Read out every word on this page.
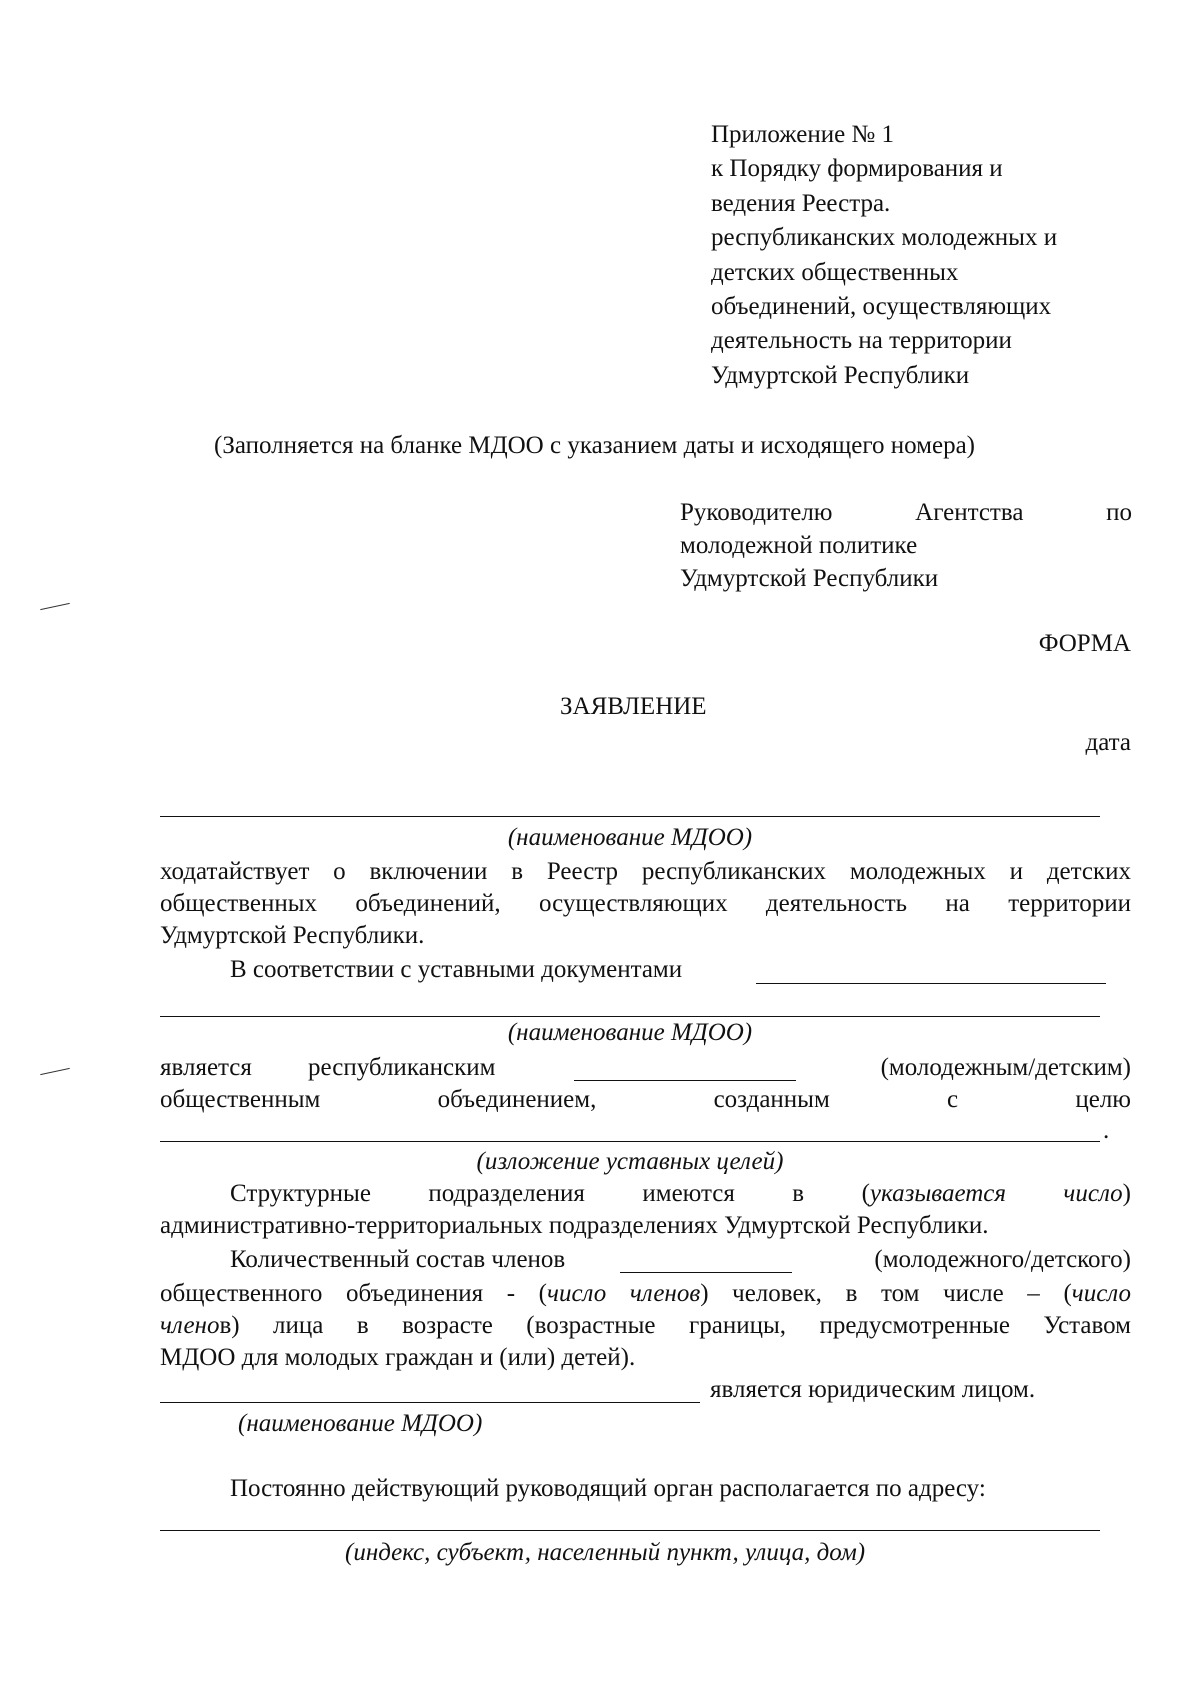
Приложение № 1
к Порядку формирования и
ведения Реестра.
республиканских молодежных и
детских общественных
объединений, осуществляющих
деятельность на территории
Удмуртской Республики
(Заполняется на бланке МДОО с указанием даты и исходящего номера)
Руководителю	Агентства	по
молодежной политике
Удмуртской Республики
ФОРМА
ЗАЯВЛЕНИЕ
дата
(наименование МДОО)
ходатайствует о включении в Реестр республиканских молодежных и детских
общественных объединений, осуществляющих деятельность на территории
Удмуртской Республики.
В соответствии с уставными документами
(наименование МДОО)
является республиканским	(молодежным/детским)
общественным	объединением,	созданным	с	целю
.
(изложение уставных целей)
Структурные подразделения имеются в (указывается число)
административно-территориальных подразделениях Удмуртской Республики.
Количественный состав членов	(молодежного/детского)
общественного объединения - (число членов) человек, в том числе – (число
членов) лица в возрасте (возрастные границы, предусмотренные Уставом
МДОО для молодых граждан и (или) детей).
является юридическим лицом.
(наименование МДОО)
Постоянно действующий руководящий орган располагается по адресу:
(индекс, субъект, населенный пункт, улица, дом)
